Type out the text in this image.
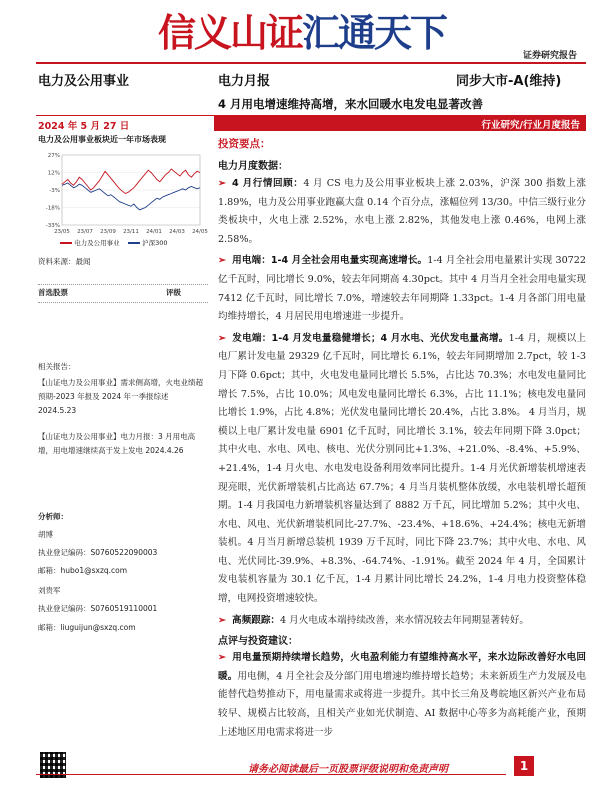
信义山证汇通天下
证券研究报告
电力及公用事业	电力月报	同步大市-A(维持)
4 月用电增速维持高增，来水回暖水电发电显著改善
2024 年 5 月 27 日	行业研究/行业月度报告
电力及公用事业板块近一年市场表现
27%
12%
-3%
-18%
-33%
23/05 23/07 23/09 23/11 24/01 24/03 24/05
电力及公用事业	沪深300
资料来源：最闻
首选股票	评级
相关报告：
【山证电力及公用事业】需求侧高增，火电业绩超预期-2023 年报及 2024 年一季报综述 2024.5.23
【山证电力及公用事业】电力月报：3 月用电高增，用电增速继续高于发上发电 2024.4.26
分析师：
胡博
执业登记编码：S0760522090003
邮箱：hubo1@sxzq.com
刘贵军
执业登记编码：S0760519110001
邮箱：liuguijun@sxzq.com
投资要点：
电力月度数据：
➢ 4 月行情回顾：4 月 CS 电力及公用事业板块上涨 2.03%，沪深 300 指数上涨 1.89%，电力及公用事业跑赢大盘 0.14 个百分点，涨幅位列 13/30。中信三级行业分类板块中，火电上涨 2.52%，水电上涨 2.82%，其他发电上涨 0.46%，电网上涨 2.58%。
➢ 用电端：1-4 月全社会用电量实现高速增长。1-4 月全社会用电量累计实现 30722 亿千瓦时，同比增长 9.0%，较去年同期高 4.30pct。其中 4 月当月全社会用电量实现 7412 亿千瓦时，同比增长 7.0%，增速较去年同期降 1.33pct。1-4 月各部门用电量均维持增长，4 月居民用电增速进一步提升。
➢ 发电端：1-4 月发电量稳健增长；4 月水电、光伏发电量高增。1-4 月，规模以上电厂累计发电量 29329 亿千瓦时，同比增长 6.1%，较去年同期增加 2.7pct，较 1-3 月下降 0.6pct；其中，火电发电量同比增长 5.5%，占比达 70.3%；水电发电量同比增长 7.5%，占比 10.0%；风电发电量同比增长 6.3%，占比 11.1%；核电发电量同比增长 1.9%，占比 4.8%；光伏发电量同比增长 20.4%，占比 3.8%。 4 月当月，规模以上电厂累计发电量 6901 亿千瓦时，同比增长 3.1%，较去年同期下降 3.0pct；其中火电、水电、风电、核电、光伏分别同比+1.3%、+21.0%、-8.4%、+5.9%、+21.4%，1-4 月火电、水电发电设备利用效率同比提升。1-4 月光伏新增装机增速表现亮眼，光伏新增装机占比高达 67.7%；4 月当月装机整体放缓，水电装机增长超预期。1-4 月我国电力新增装机容量达到了 8882 万千瓦，同比增加 5.2%；其中火电、水电、风电、光伏新增装机同比-27.7%、-23.4%、+18.6%、+24.4%；核电无新增装机。4 月当月新增总装机 1939 万千瓦时，同比下降 23.7%；其中火电、水电、风电、光伏同比-39.9%、+8.3%、-64.74%、-1.91%。截至 2024 年 4 月，全国累计发电装机容量为 30.1 亿千瓦，1-4 月累计同比增长 24.2%，1-4 月电力投资整体稳增，电网投资增速较快。
➢ 高频跟踪：4 月火电成本端持续改善，来水情况较去年同期显著转好。
点评与投资建议：
➢ 用电量预期持续增长趋势，火电盈利能力有望维持高水平，来水边际改善好水电回暖。用电侧，4 月全社会及分部门用电增速均维持增长趋势；未来新质生产力发展及电能替代趋势推动下，用电量需求或将进一步提升。其中长三角及粤皖地区新兴产业布局较早、规模占比较高，且相关产业如光伏制造、AI 数据中心等多为高耗能产业，预期上述地区用电需求将进一步
请务必阅读最后一页股票评级说明和免责声明	1
